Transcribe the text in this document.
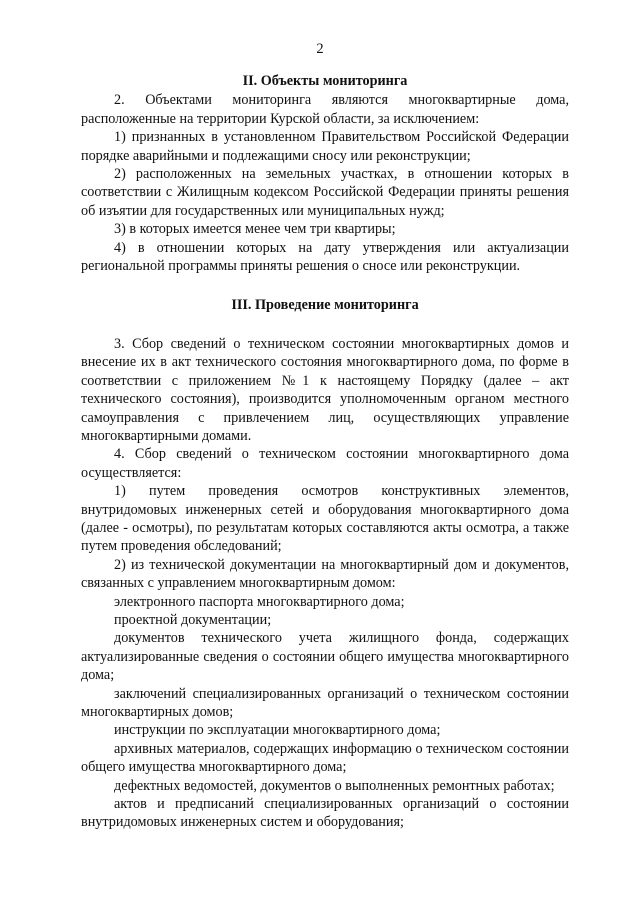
2
II. Объекты мониторинга

2. Объектами мониторинга являются многоквартирные дома, расположенные на территории Курской области, за исключением:

1) признанных в установленном Правительством Российской Федерации порядке аварийными и подлежащими сносу или реконструкции;

2) расположенных на земельных участках, в отношении которых в соответствии с Жилищным кодексом Российской Федерации приняты решения об изъятии для государственных или муниципальных нужд;

3) в которых имеется менее чем три квартиры;

4) в отношении которых на дату утверждения или актуализации региональной программы приняты решения о сносе или реконструкции.

III. Проведение мониторинга

3. Сбор сведений о техническом состоянии многоквартирных домов и внесение их в акт технического состояния многоквартирного дома, по форме в соответствии с приложением №1 к настоящему Порядку (далее – акт технического состояния), производится уполномоченным органом местного самоуправления с привлечением лиц, осуществляющих управление многоквартирными домами.

4. Сбор сведений о техническом состоянии многоквартирного дома осуществляется:

1) путем проведения осмотров конструктивных элементов, внутридомовых инженерных сетей и оборудования многоквартирного дома (далее - осмотры), по результатам которых составляются акты осмотра, а также путем проведения обследований;

2) из технической документации на многоквартирный дом и документов, связанных с управлением многоквартирным домом:

электронного паспорта многоквартирного дома;

проектной документации;

документов технического учета жилищного фонда, содержащих актуализированные сведения о состоянии общего имущества многоквартирного дома;

заключений специализированных организаций о техническом состоянии многоквартирных домов;

инструкции по эксплуатации многоквартирного дома;

архивных материалов, содержащих информацию о техническом состоянии общего имущества многоквартирного дома;

дефектных ведомостей, документов о выполненных ремонтных работах;

актов и предписаний специализированных организаций о состоянии внутридомовых инженерных систем и оборудования;
